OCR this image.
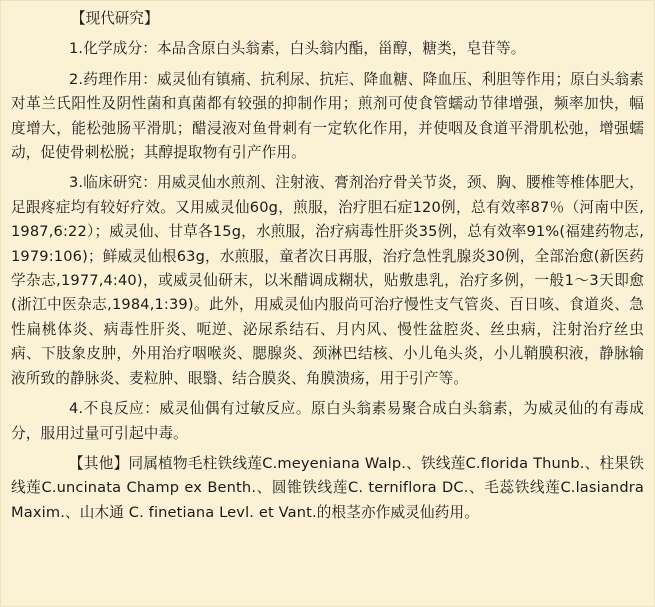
【现代研究】

1.化学成分：本品含原白头翁素，白头翁内酯，甾醇，糖类，皂苷等。

2.药理作用：威灵仙有镇痛、抗利尿、抗疟、降血糖、降血压、利胆等作用；原白头翁素对革兰氏阳性及阴性菌和真菌都有较强的抑制作用；煎剂可使食管蠕动节律增强，频率加快，幅度增大，能松弛肠平滑肌；醋浸液对鱼骨刺有一定软化作用，并使咽及食道平滑肌松弛，增强蠕动，促使骨刺松脱；其醇提取物有引产作用。

3.临床研究：用威灵仙水煎剂、注射液、膏剂治疗骨关节炎，颈、胸、腰椎等椎体肥大，足跟疼症均有较好疗效。又用威灵仙60g，煎服，治疗胆石症120例，总有效率87％（河南中医,1987,6:22）；威灵仙、甘草各15g，水煎服，治疗病毒性肝炎35例，总有效率91%(福建药物志,1979:106)；鲜威灵仙根63g，水煎服，童者次日再服，治疗急性乳腺炎30例，全部治愈(新医药学杂志,1977,4:40)，或威灵仙研末，以米醋调成糊状，贴敷患乳，治疗多例，一般1～3天即愈(浙江中医杂志,1984,1:39)。此外，用威灵仙内服尚可治疗慢性支气管炎、百日咳、食道炎、急性扁桃体炎、病毒性肝炎、呃逆、泌尿系结石、月内风、慢性盆腔炎、丝虫病，注射治疗丝虫病、下肢象皮肿，外用治疗咽喉炎、腮腺炎、颈淋巴结核、小儿龟头炎，小儿鞘膜积液，静脉输液所致的静脉炎、麦粒肿、眼翳、结合膜炎、角膜溃疡，用于引产等。

4.不良反应：威灵仙偶有过敏反应。原白头翁素易聚合成白头翁素，为威灵仙的有毒成分，服用过量可引起中毒。

【其他】同属植物毛柱铁线莲C.meyeniana Walp.、铁线莲C.florida Thunb.、柱果铁线莲C.uncinata Champ ex Benth.、圆锥铁线莲C. terniflora DC.、毛蕊铁线莲C.lasiandra Maxim.、山木通 C. finetiana Levl. et Vant.的根茎亦作威灵仙药用。
